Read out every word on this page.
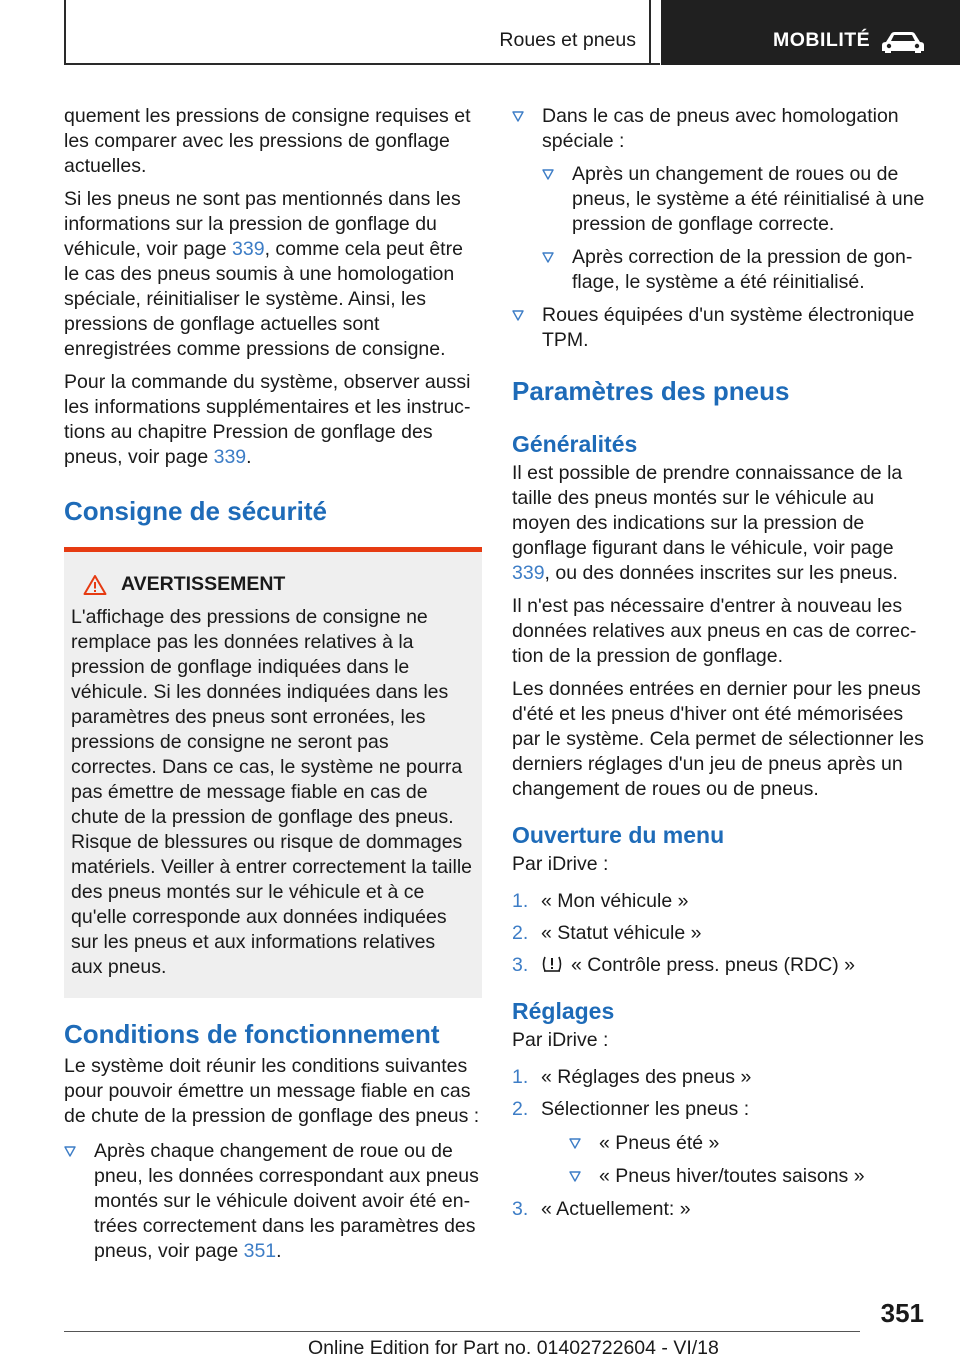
Roues et pneus	MOBILITÉ

quement les pressions de consigne requises et les comparer avec les pressions de gonflage actuelles.

Si les pneus ne sont pas mentionnés dans les informations sur la pression de gonflage du véhicule, voir page 339, comme cela peut être le cas des pneus soumis à une homologation spéciale, réinitialiser le système. Ainsi, les pressions de gonflage actuelles sont enregistrées comme pressions de consigne.

Pour la commande du système, observer aussi les informations supplémentaires et les instructions au chapitre Pression de gonflage des pneus, voir page 339.

Consigne de sécurité
AVERTISSEMENT

L'affichage des pressions de consigne ne remplace pas les données relatives à la pression de gonflage indiquées dans le véhicule. Si les données indiquées dans les paramètres des pneus sont erronées, les pressions de consigne ne seront pas correctes. Dans ce cas, le système ne pourra pas émettre de message fiable en cas de chute de la pression de gonflage des pneus. Risque de blessures ou risque de dommages matériels. Veiller à entrer correctement la taille des pneus montés sur le véhicule et à ce qu'elle corresponde aux données indiquées sur les pneus et aux informations relatives aux pneus.

Conditions de fonctionnement

Le système doit réunir les conditions suivantes pour pouvoir émettre un message fiable en cas de chute de la pression de gonflage des pneus :

Après chaque changement de roue ou de pneu, les données correspondant aux pneus montés sur le véhicule doivent avoir été entrées correctement dans les paramètres des pneus, voir page 351.
Dans le cas de pneus avec homologation spéciale :
Après un changement de roues ou de pneus, le système a été réinitialisé à une pression de gonflage correcte.
Après correction de la pression de gonflage, le système a été réinitialisé.
Roues équipées d'un système électronique TPM.
Paramètres des pneus
Généralités

Il est possible de prendre connaissance de la taille des pneus montés sur le véhicule au moyen des indications sur la pression de gonflage figurant dans le véhicule, voir page 339, ou des données inscrites sur les pneus.

Il n'est pas nécessaire d'entrer à nouveau les données relatives aux pneus en cas de correction de la pression de gonflage.

Les données entrées en dernier pour les pneus d'été et les pneus d'hiver ont été mémorisées par le système. Cela permet de sélectionner les derniers réglages d'un jeu de pneus après un changement de roues ou de pneus.

Ouverture du menu

Par iDrive :

1. « Mon véhicule »
2. « Statut véhicule »
3. « Contrôle press. pneus (RDC) »
Réglages

Par iDrive :

1. « Réglages des pneus »
2. Sélectionner les pneus :
« Pneus été »
« Pneus hiver/toutes saisons »
3. « Actuellement: »
351
Online Edition for Part no. 01402722604 - VI/18
